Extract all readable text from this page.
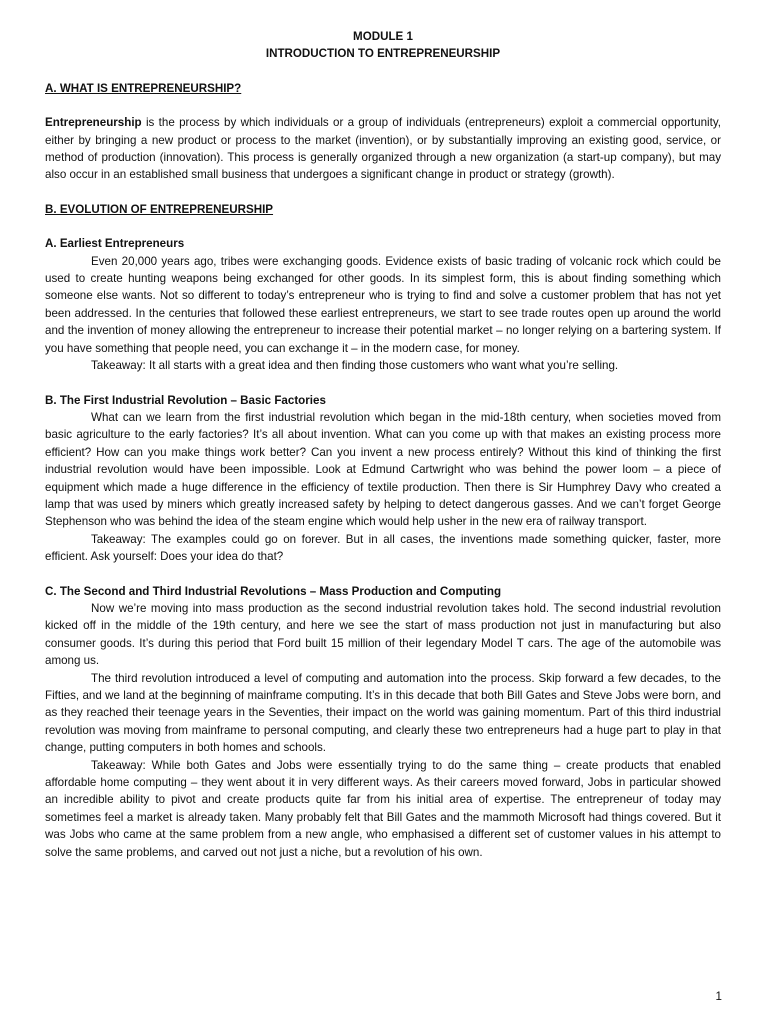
MODULE 1

INTRODUCTION TO ENTREPRENEURSHIP

A. WHAT IS ENTREPRENEURSHIP?

Entrepreneurship is the process by which individuals or a group of individuals (entrepreneurs) exploit a commercial opportunity, either by bringing a new product or process to the market (invention), or by substantially improving an existing good, service, or method of production (innovation). This process is generally organized through a new organization (a start-up company), but may also occur in an established small business that undergoes a significant change in product or strategy (growth).

B. EVOLUTION OF ENTREPRENEURSHIP

A. Earliest Entrepreneurs

Even 20,000 years ago, tribes were exchanging goods. Evidence exists of basic trading of volcanic rock which could be used to create hunting weapons being exchanged for other goods. In its simplest form, this is about finding something which someone else wants. Not so different to today’s entrepreneur who is trying to find and solve a customer problem that has not yet been addressed. In the centuries that followed these earliest entrepreneurs, we start to see trade routes open up around the world and the invention of money allowing the entrepreneur to increase their potential market – no longer relying on a bartering system. If you have something that people need, you can exchange it – in the modern case, for money.

Takeaway: It all starts with a great idea and then finding those customers who want what you’re selling.

B. The First Industrial Revolution – Basic Factories

What can we learn from the first industrial revolution which began in the mid-18th century, when societies moved from basic agriculture to the early factories? It’s all about invention. What can you come up with that makes an existing process more efficient? How can you make things work better? Can you invent a new process entirely? Without this kind of thinking the first industrial revolution would have been impossible. Look at Edmund Cartwright who was behind the power loom – a piece of equipment which made a huge difference in the efficiency of textile production. Then there is Sir Humphrey Davy who created a lamp that was used by miners which greatly increased safety by helping to detect dangerous gasses. And we can’t forget George Stephenson who was behind the idea of the steam engine which would help usher in the new era of railway transport.

Takeaway: The examples could go on forever. But in all cases, the inventions made something quicker, faster, more efficient. Ask yourself: Does your idea do that?

C. The Second and Third Industrial Revolutions – Mass Production and Computing

Now we’re moving into mass production as the second industrial revolution takes hold. The second industrial revolution kicked off in the middle of the 19th century, and here we see the start of mass production not just in manufacturing but also consumer goods. It’s during this period that Ford built 15 million of their legendary Model T cars. The age of the automobile was among us.

The third revolution introduced a level of computing and automation into the process. Skip forward a few decades, to the Fifties, and we land at the beginning of mainframe computing. It’s in this decade that both Bill Gates and Steve Jobs were born, and as they reached their teenage years in the Seventies, their impact on the world was gaining momentum. Part of this third industrial revolution was moving from mainframe to personal computing, and clearly these two entrepreneurs had a huge part to play in that change, putting computers in both homes and schools.

Takeaway: While both Gates and Jobs were essentially trying to do the same thing – create products that enabled affordable home computing – they went about it in very different ways. As their careers moved forward, Jobs in particular showed an incredible ability to pivot and create products quite far from his initial area of expertise. The entrepreneur of today may sometimes feel a market is already taken. Many probably felt that Bill Gates and the mammoth Microsoft had things covered. But it was Jobs who came at the same problem from a new angle, who emphasised a different set of customer values in his attempt to solve the same problems, and carved out not just a niche, but a revolution of his own.

1
